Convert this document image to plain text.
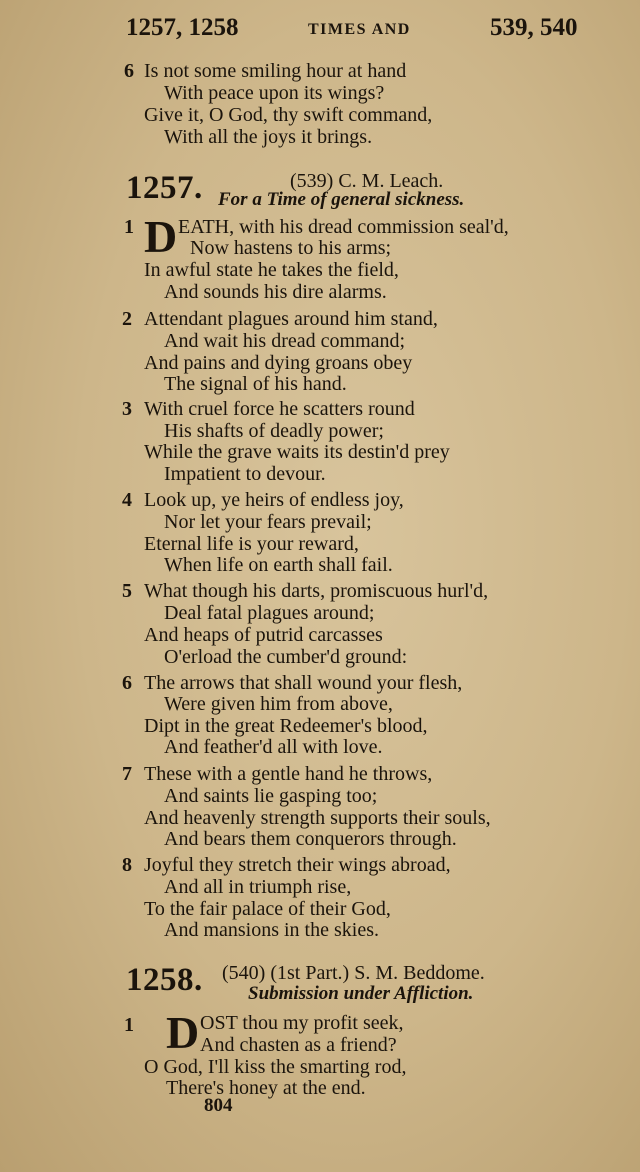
1257, 1258	TIMES AND	539, 540
6 Is not some smiling hour at hand
With peace upon its wings?
Give it, O God, thy swift command,
With all the joys it brings.
1257.	(539) C. M. Leach.
For a Time of general sickness.
1 D EATH, with his dread commission seal'd,
Now hastens to his arms;
In awful state he takes the field,
And sounds his dire alarms.
2 Attendant plagues around him stand,
And wait his dread command;
And pains and dying groans obey
The signal of his hand.
3 With cruel force he scatters round
His shafts of deadly power;
While the grave waits its destin'd prey
Impatient to devour.
4 Look up, ye heirs of endless joy,
Nor let your fears prevail;
Eternal life is your reward,
When life on earth shall fail.
5 What though his darts, promiscuous hurl'd,
Deal fatal plagues around;
And heaps of putrid carcasses
O'erload the cumber'd ground:
6 The arrows that shall wound your flesh,
Were given him from above,
Dipt in the great Redeemer's blood,
And feather'd all with love.
7 These with a gentle hand he throws,
And saints lie gasping too;
And heavenly strength supports their souls,
And bears them conquerors through.
8 Joyful they stretch their wings abroad,
And all in triumph rise,
To the fair palace of their God,
And mansions in the skies.
1258. (540) (1st Part.) S. M. Beddome.
Submission under Affliction.
1 D OST thou my profit seek,
And chasten as a friend?
O God, I'll kiss the smarting rod,
There's honey at the end.
804
